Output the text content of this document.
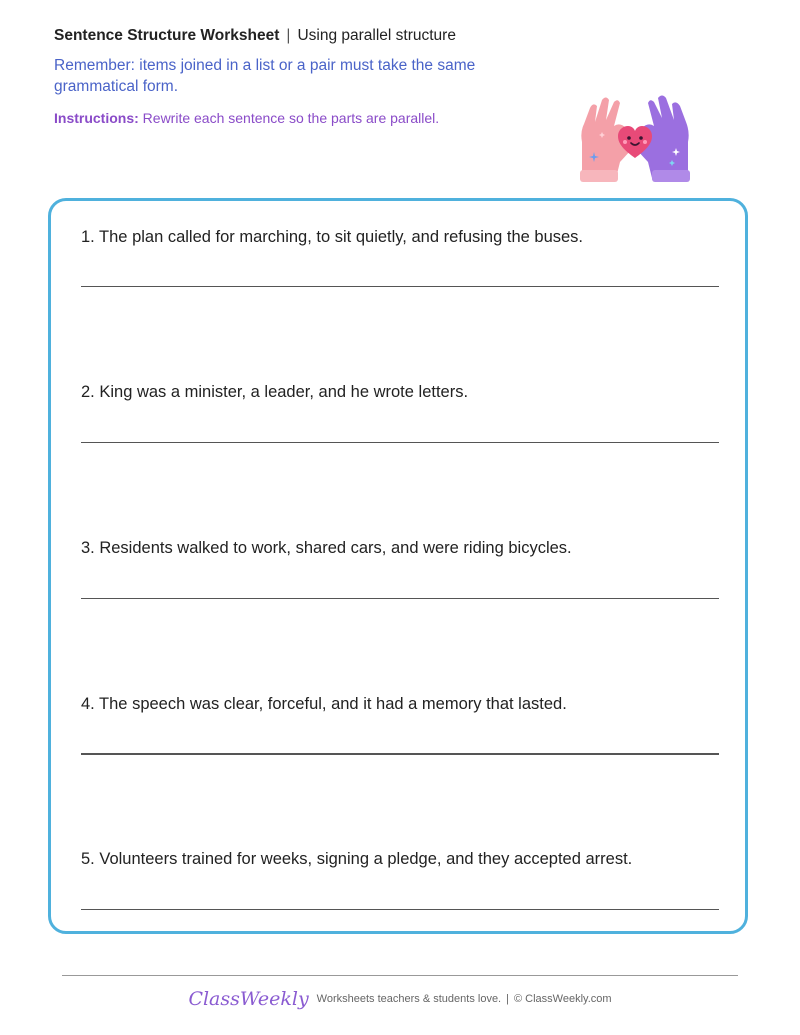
Sentence Structure Worksheet | Using parallel structure
Remember: items joined in a list or a pair must take the same grammatical form.
Instructions: Rewrite each sentence so the parts are parallel.
1. The plan called for marching, to sit quietly, and refusing the buses.
2. King was a minister, a leader, and he wrote letters.
3. Residents walked to work, shared cars, and were riding bicycles.
4. The speech was clear, forceful, and it had a memory that lasted.
5. Volunteers trained for weeks, signing a pledge, and they accepted arrest.
ClassWeekly Worksheets teachers & students love. | © ClassWeekly.com
